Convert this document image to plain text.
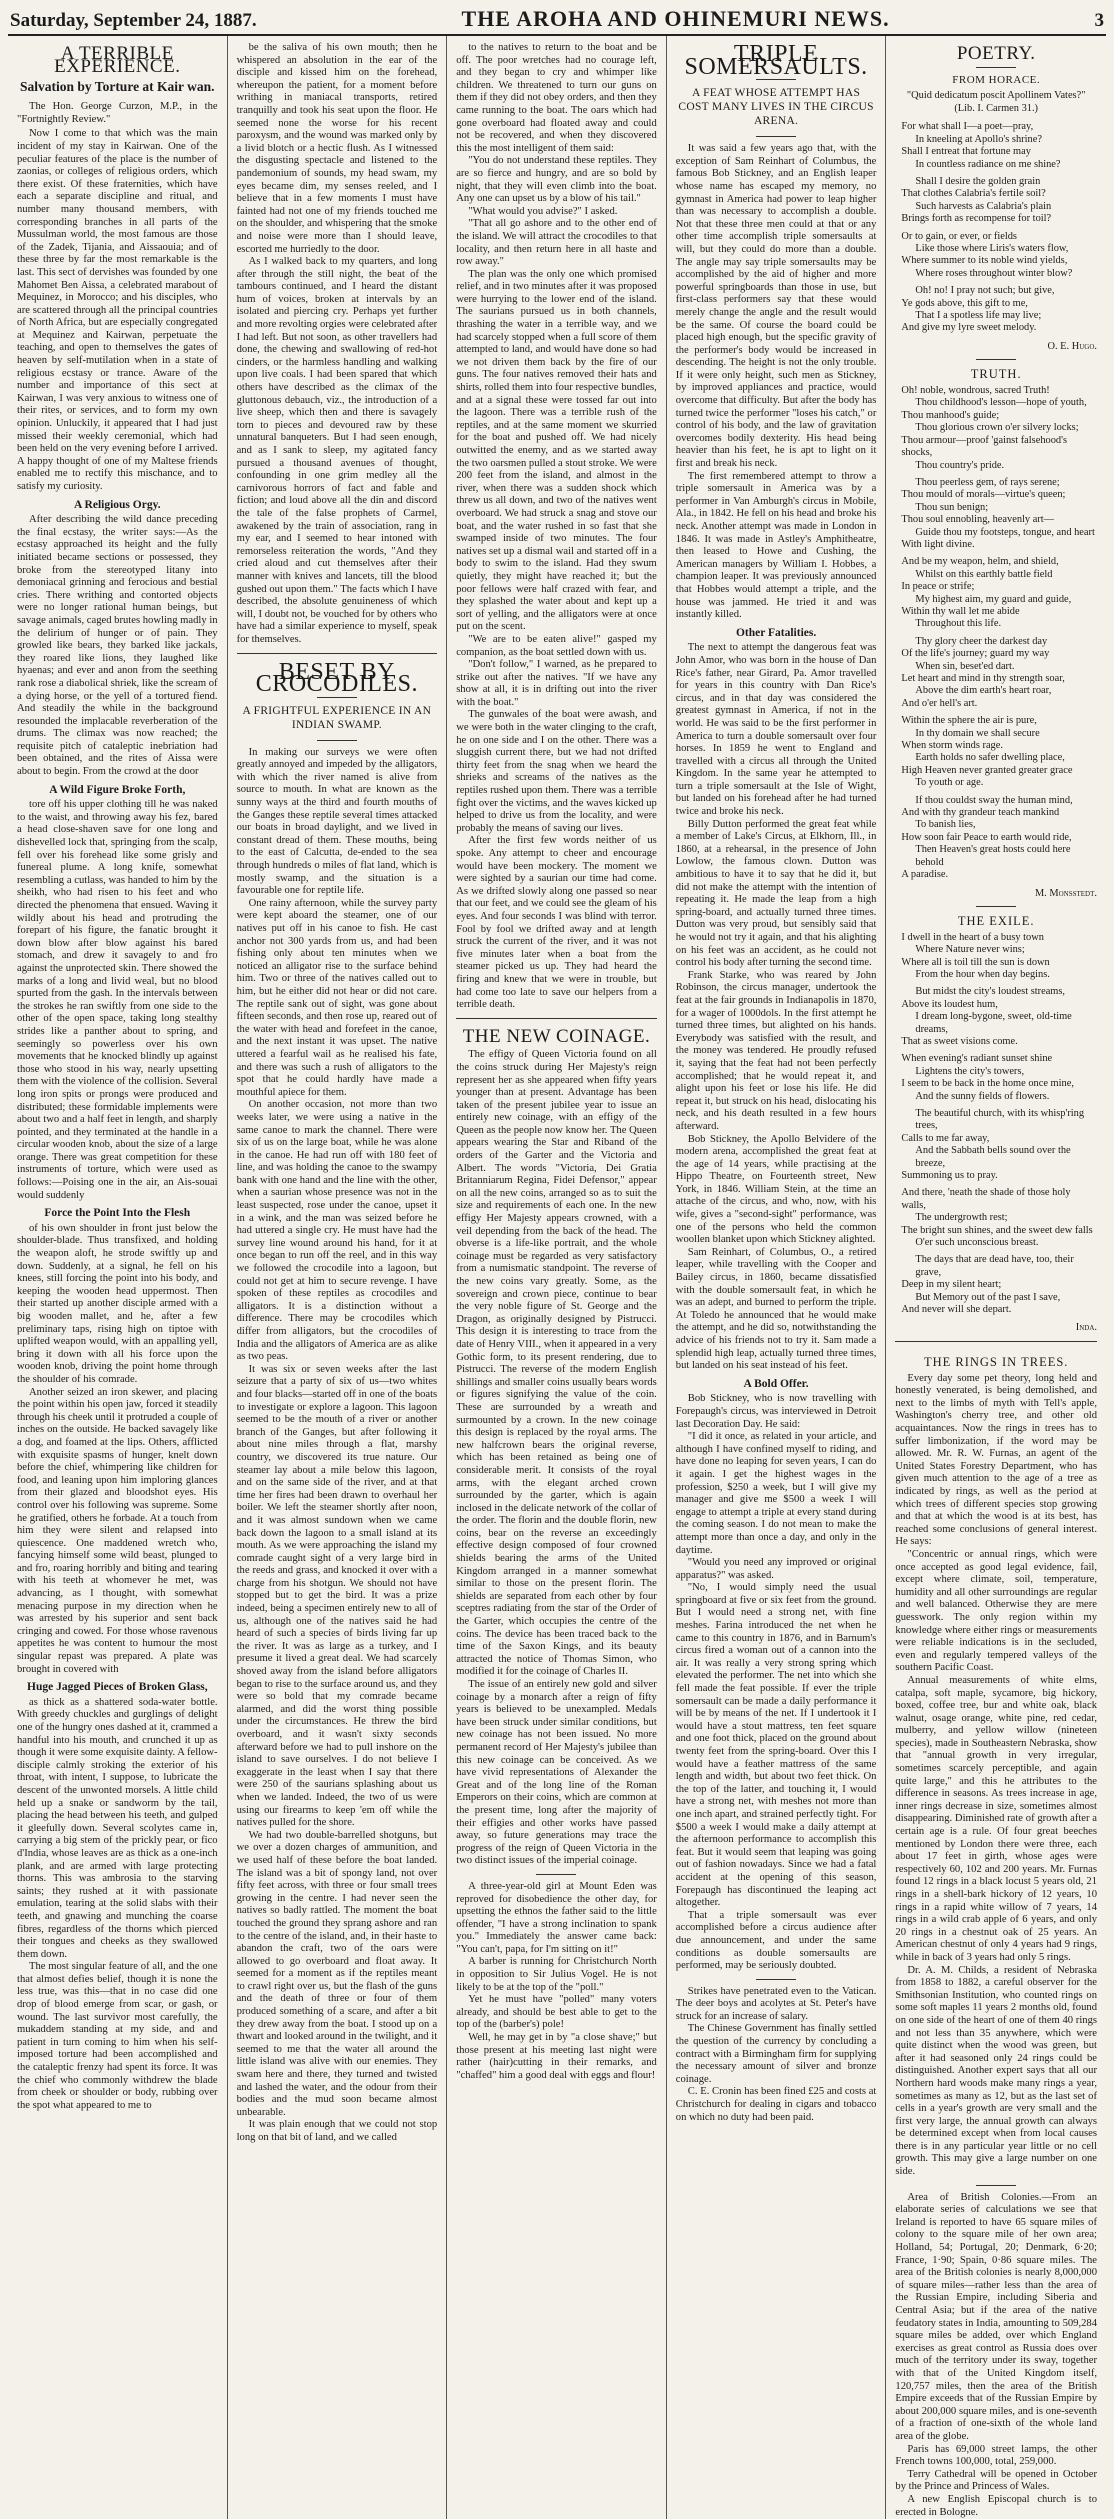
Saturday, September 24, 1887.	THE AROHA AND OHINEMURI NEWS.	3
A TERRIBLE EXPERIENCE.
Salvation by Torture at Kair wan.
The Hon. George Curzon, M.P., in the "Fortnightly Review."

Now I come to that which was the main incident of my stay in Kairwan. One of the peculiar features of the place is the number of zaonias, or colleges of religious orders, which there exist. Of these fraternities, which have each a separate discipline and ritual, and number many thousand members, with corresponding branches in all parts of the Mussulman world, the most famous are those of the Zadek, Tijania, and Aissaouia; and of these three by far the most remarkable is the last. This sect of dervishes was founded by one Mahomet Ben Aissa, a celebrated marabout of Mequinez, in Morocco; and his disciples, who are scattered through all the principal countries of North Africa, but are especially congregated at Mequinez and Kairwan, perpetuate the teaching, and open to themselves the gates of heaven by self-mutilation when in a state of religious ecstasy or trance. Aware of the number and importance of this sect at Kairwan, I was very anxious to witness one of their rites, or services, and to form my own opinion. Unluckily, it appeared that I had just missed their weekly ceremonial, which had been held on the very evening before I arrived. A happy thought of one of my Maltese friends enabled me to rectify this mischance, and to satisfy my curiosity.

A Religious Orgy.

After describing the wild dance preceding the final ecstasy, the writer says:—As the ecstasy approached its height and the fully initiated became sections or possessed, they broke from the stereotyped litany into demoniacal grinning and ferocious and bestial cries. There writhing and contorted objects were no longer rational human beings, but savage animals, caged brutes howling madly in the delirium of hunger or of pain. They growled like bears, they barked like jackals, they roared like lions, they laughed like hyaenas; and ever and anon from the seething rank rose a diabolical shriek, like the scream of a dying horse, or the yell of a tortured fiend. And steadily the while in the background resounded the implacable reverberation of the drums. The climax was now reached; the requisite pitch of cataleptic inebriation had been obtained, and the rites of Aissa were about to begin. From the crowd at the door

A Wild Figure Broke Forth,

tore off his upper clothing till he was naked to the waist, and throwing away his fez, bared a head close-shaven save for one long and dishevelled lock that, springing from the scalp, fell over his forehead like some grisly and funereal plume. A long knife, somewhat resembling a cutlass, was handed to him by the sheikh, who had risen to his feet and who directed the phenomena that ensued. Waving it wildly about his head and protruding the forepart of his figure, the fanatic brought it down blow after blow against his bared stomach, and drew it savagely to and fro against the unprotected skin. There showed the marks of a long and livid weal, but no blood spurted from the gash. In the intervals between the strokes he ran swiftly from one side to the other of the open space, taking long stealthy strides like a panther about to spring, and seemingly so powerless over his own movements that he knocked blindly up against those who stood in his way, nearly upsetting them with the violence of the collision. Several long iron spits or prongs were produced and distributed; these formidable implements were about two and a half feet in length, and sharply pointed, and they terminated at the handle in a circular wooden knob, about the size of a large orange. There was great competition for these instruments of torture, which were used as follows:—Poising one in the air, an Ais-souai would suddenly

Force the Point Into the Flesh

of his own shoulder in front just below the shoulder-blade. Thus transfixed, and holding the weapon aloft, he strode swiftly up and down. Suddenly, at a signal, he fell on his knees, still forcing the point into his body, and keeping the wooden head uppermost. Then their started up another disciple armed with a big wooden mallet, and he, after a few preliminary taps, rising high on tiptoe with uplifted weapon would, with an appalling yell, bring it down with all his force upon the wooden knob, driving the point home through the shoulder of his comrade.

Another seized an iron skewer, and placing the point within his open jaw, forced it steadily through his cheek until it protruded a couple of inches on the outside. He backed savagely like a dog, and foamed at the lips. Others, afflicted with exquisite spasms of hunger, knelt down before the chief, whimpering like children for food, and leaning upon him imploring glances from their glazed and bloodshot eyes. His control over his following was supreme. Some he gratified, others he forbade. At a touch from him they were silent and relapsed into quiescence. One maddened wretch who, fancying himself some wild beast, plunged to and fro, roaring horribly and biting and tearing with his teeth at whomever he met, was advancing, as I thought, with somewhat menacing purpose in my direction when he was arrested by his superior and sent back cringing and cowed. For those whose ravenous appetites he was content to humour the most singular repast was prepared. A plate was brought in covered with

Huge Jagged Pieces of Broken Glass,

as thick as a shattered soda-water bottle. With greedy chuckles and gurglings of delight one of the hungry ones dashed at it, crammed a handful into his mouth, and crunched it up as though it were some exquisite dainty. A fellow-disciple calmly stroking the exterior of his throat, with intent, I suppose, to lubricate the descent of the unwonted morsels. A little child held up a snake or sandworm by the tail, placing the head between his teeth, and gulped it gleefully down. Several scolytes came in, carrying a big stem of the prickly pear, or fico d'India, whose leaves are as thick as a one-inch plank, and are armed with large protecting thorns. This was ambrosia to the starving saints; they rushed at it with passionate emulation, tearing at the solid slabs with their teeth, and gnawing and munching the coarse fibres, regardless of the thorns which pierced their tongues and cheeks as they swallowed them down.

The most singular feature of all, and the one that almost defies belief, though it is none the less true, was this—that in no case did one drop of blood emerge from scar, or gash, or wound. The last survivor most carefully, the mukaddem standing at my side, and and patient in turn coming to him when his self-imposed torture had been accomplished and the cataleptic frenzy had spent its force. It was the chief who commonly withdrew the blade from cheek or shoulder or body, rubbing over the spot what appeared to me to

be the saliva of his own mouth; then he whispered an absolution in the ear of the disciple and kissed him on the forehead, whereupon the patient, for a moment before writhing in maniacal transports, retired tranquilly and took his seat upon the floor. He seemed none the worse for his recent paroxysm, and the wound was marked only by a livid blotch or a hectic flush. As I witnessed the disgusting spectacle and listened to the pandemonium of sounds, my head swam, my eyes became dim, my senses reeled, and I believe that in a few moments I must have fainted had not one of my friends touched me on the shoulder, and whispering that the smoke and noise were more than I should leave, escorted me hurriedly to the door.

As I walked back to my quarters, and long after through the still night, the beat of the tambours continued, and I heard the distant hum of voices, broken at intervals by an isolated and piercing cry. Perhaps yet further and more revolting orgies were celebrated after I had left. But not soon, as other travellers had done, the chewing and swallowing of red-hot cinders, or the harmless handling and walking upon live coals. I had been spared that which others have described as the climax of the gluttonous debauch, viz., the introduction of a live sheep, which then and there is savagely torn to pieces and devoured raw by these unnatural banqueters. But I had seen enough, and as I sank to sleep, my agitated fancy pursued a thousand avenues of thought, confounding in one grim medley all the carnivorous horrors of fact and fable and fiction; and loud above all the din and discord the tale of the false prophets of Carmel, awakened by the train of association, rang in my ear, and I seemed to hear intoned with remorseless reiteration the words, "And they cried aloud and cut themselves after their manner with knives and lancets, till the blood gushed out upon them." The facts which I have described, the absolute genuineness of which will, I doubt not, be vouched for by others who have had a similar experience to myself, speak for themselves.

BESET BY CROCODILES.
A FRIGHTFUL EXPERIENCE IN AN INDIAN SWAMP.

In making our surveys we were often greatly annoyed and impeded by the alligators, with which the river named is alive from source to mouth. In what are known as the sunny ways at the third and fourth mouths of the Ganges these reptile several times attacked our boats in broad daylight, and we lived in constant dread of them. These mouths, being to the east of Calcutta, de-ended to the sea through hundreds o miles of flat land, which is mostly swamp, and the situation is a favourable one for reptile life.

One rainy afternoon, while the survey party were kept aboard the steamer, one of our natives put off in his canoe to fish. He cast anchor not 300 yards from us, and had been fishing only about ten minutes when we noticed an alligator rise to the surface behind him. Two or three of the natives called out to him, but he either did not hear or did not care. The reptile sank out of sight, was gone about fifteen seconds, and then rose up, reared out of the water with head and forefeet in the canoe, and the next instant it was upset. The native uttered a fearful wail as he realised his fate, and there was such a rush of alligators to the spot that he could hardly have made a mouthful apiece for them.

On another occasion, not more than two weeks later, we were using a native in the same canoe to mark the channel. There were six of us on the large boat, while he was alone in the canoe. He had run off with 180 feet of line, and was holding the canoe to the swampy bank with one hand and the line with the other, when a saurian whose presence was not in the least suspected, rose under the canoe, upset it in a wink, and the man was seized before he had uttered a single cry. He must have had the survey line wound around his hand, for it at once began to run off the reel, and in this way we followed the crocodile into a lagoon, but could not get at him to secure revenge. I have spoken of these reptiles as crocodiles and alligators. It is a distinction without a difference. There may be crocodiles which differ from alligators, but the crocodiles of India and the alligators of America are as alike as two peas.

It was six or seven weeks after the last seizure that a party of six of us—two whites and four blacks—started off in one of the boats to investigate or explore a lagoon. This lagoon seemed to be the mouth of a river or another branch of the Ganges, but after following it about nine miles through a flat, marshy country, we discovered its true nature. Our steamer lay about a mile below this lagoon, and on the same side of the river, and at that time her fires had been drawn to overhaul her boiler. We left the steamer shortly after noon, and it was almost sundown when we came back down the lagoon to a small island at its mouth. As we were approaching the island my comrade caught sight of a very large bird in the reeds and grass, and knocked it over with a charge from his shotgun. We should not have stopped but to get the bird. It was a prize indeed, being a specimen entirely new to all of us, although one of the natives said he had heard of such a species of birds living far up the river. It was as large as a turkey, and I presume it lived a great deal. We had scarcely shoved away from the island before alligators began to rise to the surface around us, and they were so bold that my comrade became alarmed, and did the worst thing possible under the circumstances. He threw the bird overboard, and it wasn't sixty seconds afterward before we had to pull inshore on the island to save ourselves. I do not believe I exaggerate in the least when I say that there were 250 of the saurians splashing about us when we landed. Indeed, the two of us were using our firearms to keep 'em off while the natives pulled for the shore.

We had two double-barrelled shotguns, but we over a dozen charges of ammunition, and we used half of these before the boat landed. The island was a bit of spongy land, not over fifty feet across, with three or four small trees growing in the centre. I had never seen the natives so badly rattled. The moment the boat touched the ground they sprang ashore and ran to the centre of the island, and, in their haste to abandon the craft, two of the oars were allowed to go overboard and float away. It seemed for a moment as if the reptiles meant to crawl right over us, but the flash of the guns and the death of three or four of them produced something of a scare, and after a bit they drew away from the boat. I stood up on a thwart and looked around in the twilight, and it seemed to me that the water all around the little island was alive with our enemies. They swam here and there, they turned and twisted and lashed the water, and the odour from their bodies and the mud soon became almost unbearable.

It was plain enough that we could not stop long on that bit of land, and we called

to the natives to return to the boat and be off. The poor wretches had no courage left, and they began to cry and whimper like children. We threatened to turn our guns on them if they did not obey orders, and then they came running to the boat. The oars which had gone overboard had floated away and could not be recovered, and when they discovered this the most intelligent of them said:

"You do not understand these reptiles. They are so fierce and hungry, and are so bold by night, that they will even climb into the boat. Any one can upset us by a blow of his tail."

"What would you advise?" I asked.

"That all go ashore and to the other end of the island. We will attract the crocodiles to that locality, and then return here in all haste and row away."

The plan was the only one which promised relief, and in two minutes after it was proposed were hurrying to the lower end of the island. The saurians pursued us in both channels, thrashing the water in a terrible way, and we had scarcely stopped when a full score of them attempted to land, and would have done so had we not driven them back by the fire of our guns. The four natives removed their hats and shirts, rolled them into four respective bundles, and at a signal these were tossed far out into the lagoon. There was a terrible rush of the reptiles, and at the same moment we skurried for the boat and pushed off. We had nicely outwitted the enemy, and as we started away the two oarsmen pulled a stout stroke. We were 200 feet from the island, and almost in the river, when there was a sudden shock which threw us all down, and two of the natives went overboard. We had struck a snag and stove our boat, and the water rushed in so fast that she swamped inside of two minutes. The four natives set up a dismal wail and started off in a body to swim to the island. Had they swum quietly, they might have reached it; but the poor fellows were half crazed with fear, and they splashed the water about and kept up a sort of yelling, and the alligators were at once put on the scent.

"We are to be eaten alive!" gasped my companion, as the boat settled down with us.

"Don't follow," I warned, as he prepared to strike out after the natives. "If we have any show at all, it is in drifting out into the river with the boat."

The gunwales of the boat were awash, and we were both in the water clinging to the craft, he on one side and I on the other. There was a sluggish current there, but we had not drifted thirty feet from the snag when we heard the shrieks and screams of the natives as the reptiles rushed upon them. There was a terrible fight over the victims, and the waves kicked up helped to drive us from the locality, and were probably the means of saving our lives.

After the first few words neither of us spoke. Any attempt to cheer and encourage would have been mockery. The moment we were sighted by a saurian our time had come. As we drifted slowly along one passed so near that our feet, and we could see the gleam of his eyes. And four seconds I was blind with terror. Fool by fool we drifted away and at length struck the current of the river, and it was not five minutes later when a boat from the steamer picked us up. They had heard the firing and knew that we were in trouble, but had come too late to save our helpers from a terrible death.

THE NEW COINAGE.

The effigy of Queen Victoria found on all the coins struck during Her Majesty's reign represent her as she appeared when fifty years younger than at present. Advantage has been taken of the present jubilee year to issue an entirely new coinage, with an effigy of the Queen as the people now know her. The Queen appears wearing the Star and Riband of the orders of the Garter and the Victoria and Albert. The words "Victoria, Dei Gratia Britanniarum Regina, Fidei Defensor," appear on all the new coins, arranged so as to suit the size and requirements of each one. In the new effigy Her Majesty appears crowned, with a veil depending from the back of the head. The obverse is a life-like portrait, and the whole coinage must be regarded as very satisfactory from a numismatic standpoint. The reverse of the new coins vary greatly. Some, as the sovereign and crown piece, continue to bear the very noble figure of St. George and the Dragon, as originally designed by Pistrucci. This design it is interesting to trace from the date of Henry VIII., when it appeared in a very Gothic form, to its present rendering, due to Pistrucci. The reverse of the modern English shillings and smaller coins usually bears words or figures signifying the value of the coin. These are surrounded by a wreath and surmounted by a crown. In the new coinage this design is replaced by the royal arms. The new halfcrown bears the original reverse, which has been retained as being one of considerable merit. It consists of the royal arms, with the elegant arched crown surrounded by the garter, which is again inclosed in the delicate network of the collar of the order. The florin and the double florin, new coins, bear on the reverse an exceedingly effective design composed of four crowned shields bearing the arms of the United Kingdom arranged in a manner somewhat similar to those on the present florin. The shields are separated from each other by four sceptres radiating from the star of the Order of the Garter, which occupies the centre of the coins. The device has been traced back to the time of the Saxon Kings, and its beauty attracted the notice of Thomas Simon, who modified it for the coinage of Charles II.

The issue of an entirely new gold and silver coinage by a monarch after a reign of fifty years is believed to be unexampled. Medals have been struck under similar conditions, but new coinage has not been issued. No more permanent record of Her Majesty's jubilee than this new coinage can be conceived. As we have vivid representations of Alexander the Great and of the long line of the Roman Emperors on their coins, which are common at the present time, long after the majority of their effigies and other works have passed away, so future generations may trace the progress of the reign of Queen Victoria in the two distinct issues of the imperial coinage.

A three-year-old girl at Mount Eden was reproved for disobedience the other day, for upsetting the ethnos the father said to the little offender, "I have a strong inclination to spank you." Immediately the answer came back: "You can't, papa, for I'm sitting on it!"

A barber is running for Christchurch North in opposition to Sir Julius Vogel. He is not likely to be at the top of the "poll."

Yet he must have "polled" many voters already, and should be best able to get to the top of the (barber's) pole!

Well, he may get in by "a close shave;" but those present at his meeting last night were rather (hair)cutting in their remarks, and "chaffed" him a good deal with eggs and flour!

TRIPLE SOMERSAULTS.
A FEAT WHOSE ATTEMPT HAS COST MANY LIVES IN THE CIRCUS ARENA.

It was said a few years ago that, with the exception of Sam Reinhart of Columbus, the famous Bob Stickney, and an English leaper whose name has escaped my memory, no gymnast in America had power to leap higher than was necessary to accomplish a double. Not that these three men could at that or any other time accomplish triple somersaults at will, but they could do more than a double. The angle may say triple somersaults may be accomplished by the aid of higher and more powerful springboards than those in use, but first-class performers say that these would merely change the angle and the result would be the same. Of course the board could be placed high enough, but the specific gravity of the performer's body would be increased in descending. The height is not the only trouble. If it were only height, such men as Stickney, by improved appliances and practice, would overcome that difficulty. But after the body has turned twice the performer "loses his catch," or control of his body, and the law of gravitation overcomes bodily dexterity. His head being heavier than his feet, he is apt to light on it first and break his neck.

The first remembered attempt to throw a triple somersault in America was by a performer in Van Amburgh's circus in Mobile, Ala., in 1842. He fell on his head and broke his neck. Another attempt was made in London in 1846. It was made in Astley's Amphitheatre, then leased to Howe and Cushing, the American managers by William I. Hobbes, a champion leaper. It was previously announced that Hobbes would attempt a triple, and the house was jammed. He tried it and was instantly killed.

Other Fatalities.

The next to attempt the dangerous feat was John Amor, who was born in the house of Dan Rice's father, near Girard, Pa. Amor travelled for years in this country with Dan Rice's circus, and in that day was considered the greatest gymnast in America, if not in the world. He was said to be the first performer in America to turn a double somersault over four horses. In 1859 he went to England and travelled with a circus all through the United Kingdom. In the same year he attempted to turn a triple somersault at the Isle of Wight, but landed on his forehead after he had turned twice and broke his neck.

Billy Dutton performed the great feat while a member of Lake's Circus, at Elkhorn, Ill., in 1860, at a rehearsal, in the presence of John Lowlow, the famous clown. Dutton was ambitious to have it to say that he did it, but did not make the attempt with the intention of repeating it. He made the leap from a high spring-board, and actually turned three times. Dutton was very proud, but sensibly said that he would not try it again, and that his alighting on his feet was an accident, as he could not control his body after turning the second time.

Frank Starke, who was reared by John Robinson, the circus manager, undertook the feat at the fair grounds in Indianapolis in 1870, for a wager of 1000dols. In the first attempt he turned three times, but alighted on his hands. Everybody was satisfied with the result, and the money was tendered. He proudly refused it, saying that the feat had not been perfectly accomplished; that he would repeat it, and alight upon his feet or lose his life. He did repeat it, but struck on his head, dislocating his neck, and his death resulted in a few hours afterward.

Bob Stickney, the Apollo Belvidere of the modern arena, accomplished the great feat at the age of 14 years, while practising at the Hippo Theatre, on Fourteenth street, New York, in 1846. William Stein, at the time an attache of the circus, and who, now, with his wife, gives a "second-sight" performance, was one of the persons who held the common woollen blanket upon which Stickney alighted.

Sam Reinhart, of Columbus, O., a retired leaper, while travelling with the Cooper and Bailey circus, in 1860, became dissatisfied with the double somersault feat, in which he was an adept, and burned to perform the triple. At Toledo he announced that he would make the attempt, and he did so, notwithstanding the advice of his friends not to try it. Sam made a splendid high leap, actually turned three times, but landed on his seat instead of his feet.

A Bold Offer.

Bob Stickney, who is now travelling with Forepaugh's circus, was interviewed in Detroit last Decoration Day. He said:

"I did it once, as related in your article, and although I have confined myself to riding, and have done no leaping for seven years, I can do it again. I get the highest wages in the profession, $250 a week, but I will give my manager and give me $500 a week I will engage to attempt a triple at every stand during the coming season. I do not mean to make the attempt more than once a day, and only in the daytime.

"Would you need any improved or original apparatus?" was asked.

"No, I would simply need the usual springboard at five or six feet from the ground. But I would need a strong net, with fine meshes. Farina introduced the net when he came to this country in 1876, and in Barnum's circus fired a woman out of a cannon into the air. It was really a very strong spring which elevated the performer. The net into which she fell made the feat possible. If ever the triple somersault can be made a daily performance it will be by means of the net. If I undertook it I would have a stout mattress, ten feet square and one foot thick, placed on the ground about twenty feet from the spring-board. Over this I would have a feather mattress of the same length and width, but about two feet thick. On the top of the latter, and touching it, I would have a strong net, with meshes not more than one inch apart, and strained perfectly tight. For $500 a week I would make a daily attempt at the afternoon performance to accomplish this feat. But it would seem that leaping was going out of fashion nowadays. Since we had a fatal accident at the opening of this season, Forepaugh has discontinued the leaping act altogether.

That a triple somersault was ever accomplished before a circus audience after due announcement, and under the same conditions as double somersaults are performed, may be seriously doubted.

Strikes have penetrated even to the Vatican. The deer boys and acolytes at St. Peter's have struck for an increase of salary.

The Chinese Government has finally settled the question of the currency by concluding a contract with a Birmingham firm for supplying the necessary amount of silver and bronze coinage.

C. E. Cronin has been fined £25 and costs at Christchurch for dealing in cigars and tobacco on which no duty had been paid.

POETRY.
FROM HORACE.
"Quid dedicatum poscit Apollinem Vates?" (Lib. I. Carmen 31.)
For what shall I—a poet—pray,
In kneeling at Apollo's shrine?
Shall I entreat that fortune may
In countless radiance on me shine?

Shall I desire the golden grain
That clothes Calabria's fertile soil?
Such harvests as Calabria's plain
Brings forth as recompense for toil?

Or to gain, or ever, or fields
Like those where Liris's waters flow,
Where summer to its noble wind yields,
Where roses throughout winter blow?

Oh! no! I pray not such; but give,
Ye gods above, this gift to me,
That I a spotless life may live;
And give my lyre sweet melody.
O. E. Hugo.
TRUTH.
Oh! noble, wondrous, sacred Truth!
Thou childhood's lesson—hope of youth,
Thou manhood's guide;
Thou glorious crown o'er silvery locks;
Thou armour—proof 'gainst falsehood's shocks,
Thou country's pride.

Thou peerless gem, of rays serene;
Thou mould of morals—virtue's queen;
Thou sun benign;
Thou soul ennobling, heavenly art—
Guide thou my footsteps, tongue, and heart
With light divine.

And be my weapon, helm, and shield,
Whilst on this earthly battle field
In peace or strife;
My highest aim, my guard and guide,
Within thy wall let me abide
Throughout this life.

Thy glory cheer the darkest day
Of the life's journey; guard my way
When sin, beset'ed dart.
Let heart and mind in thy strength soar,
Above the dim earth's heart roar,
And o'er hell's art.

Within the sphere the air is pure,
In thy domain we shall secure
When storm winds rage.
Earth holds no safer dwelling place,
High Heaven never granted greater grace
To youth or age.

If thou couldst sway the human mind,
And with thy grandeur teach mankind
To banish lies,
How soon fair Peace to earth would ride,
Then Heaven's great hosts could here behold
A paradise.
M. Monsstedt.
THE EXILE.
I dwell in the heart of a busy town
Where Nature never wins;
Where all is toil till the sun is down
From the hour when day begins.

But midst the city's loudest streams,
Above its loudest hum,
I dream long-bygone, sweet, old-time dreams,
That as sweet visions come.

When evening's radiant sunset shine
Lightens the city's towers,
I seem to be back in the home once mine,
And the sunny fields of flowers.

The beautiful church, with its whisp'ring trees,
Calls to me far away,
And the Sabbath bells sound over the breeze,
Summoning us to pray.

And there, 'neath the shade of those holy walls,
The undergrowth rest;
The bright sun shines, and the sweet dew falls
O'er such unconscious breast.

The days that are dead have, too, their grave,
Deep in my silent heart;
But Memory out of the past I save,
And never will she depart.
Inda.
THE RINGS IN TREES.

Every day some pet theory, long held and honestly venerated, is being demolished, and next to the limbs of myth with Tell's apple, Washington's cherry tree, and other old acquaintances. Now the rings in trees has to suffer limbonization, if the word may be allowed. Mr. R. W. Furnas, an agent of the United States Forestry Department, who has given much attention to the age of a tree as indicated by rings, as well as the period at which trees of different species stop growing and that at which the wood is at its best, has reached some conclusions of general interest. He says:

"Concentric or annual rings, which were once accepted as good legal evidence, fail, except where climate, soil, temperature, humidity and all other surroundings are regular and well balanced. Otherwise they are mere guesswork. The only region within my knowledge where either rings or measurements were reliable indications is in the secluded, even and regularly tempered valleys of the southern Pacific Coast.

Annual measurements of white elms, catalpa, soft maple, sycamore, big hickory, boxed, coffee tree, bur and white oak, black walnut, osage orange, white pine, red cedar, mulberry, and yellow willow (nineteen species), made in Southeastern Nebraska, show that "annual growth in very irregular, sometimes scarcely perceptible, and again quite large," and this he attributes to the difference in seasons. As trees increase in age, inner rings decrease in size, sometimes almost disappearing. Diminished rate of growth after a certain age is a rule. Of four great beeches mentioned by London there were three, each about 17 feet in girth, whose ages were respectively 60, 102 and 200 years. Mr. Furnas found 12 rings in a black locust 5 years old, 21 rings in a shell-bark hickory of 12 years, 10 rings in a rapid white willow of 7 years, 14 rings in a wild crab apple of 6 years, and only 20 rings in a chestnut oak of 25 years. An American chestnut of only 4 years had 9 rings, while in back of 3 years had only 5 rings.

Dr. A. M. Childs, a resident of Nebraska from 1858 to 1882, a careful observer for the Smithsonian Institution, who counted rings on some soft maples 11 years 2 months old, found on one side of the heart of one of them 40 rings and not less than 35 anywhere, which were quite distinct when the wood was green, but after it had seasoned only 24 rings could be distinguished. Another expert says that all our Northern hard woods make many rings a year, sometimes as many as 12, but as the last set of cells in a year's growth are very small and the first very large, the annual growth can always be determined except when from local causes there is in any particular year little or no cell growth. This may give a large number on one side.

Area of British Colonies.—From an elaborate series of calculations we see that Ireland is reported to have 65 square miles of colony to the square mile of her own area; Holland, 54; Portugal, 20; Denmark, 6·20; France, 1·90; Spain, 0·86 square miles. The area of the British colonies is nearly 8,000,000 of square miles—rather less than the area of the Russian Empire, including Siberia and Central Asia; but if the area of the native feudatory states in India, amounting to 509,284 square miles be added, over which England exercises as great control as Russia does over much of the territory under its sway, together with that of the United Kingdom itself, 120,757 miles, then the area of the British Empire exceeds that of the Russian Empire by about 200,000 square miles, and is one-seventh of a fraction of one-sixth of the whole land area of the globe.

Paris has 69,000 street lamps, the other French towns 100,000, total, 259,000.

Terry Cathedral will be opened in October by the Prince and Princess of Wales.

A new English Episcopal church is to erected in Bologne.
